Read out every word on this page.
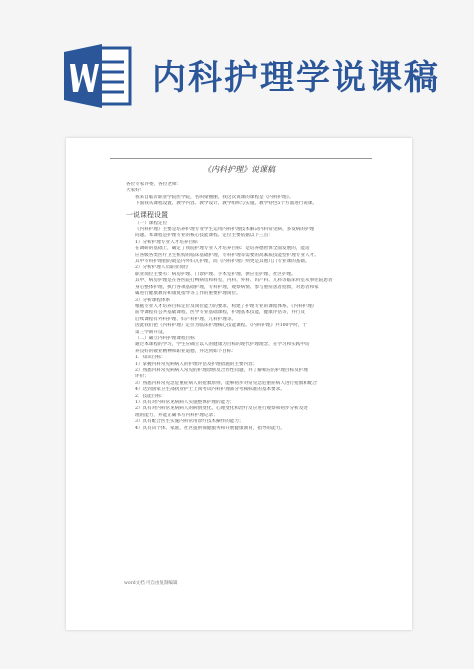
内科护理学说课稿
《内科护理》说课稿
各位专家评委、各位老师：
大家好！
我来自临沂职业学院医学院，名叫梁丽丽，我这次说课的课程是《内科护理》。
下面我从课程设置、教学内容、教学设计、教学组织与实施、教学特色5个方面进行说课。
一说课程设置
（一）课程定位
《内科护理》主要是培养护理专业学生运用内科护理技术解决内科常见病、多发病的护理
问题。本课程是护理专业的核心技能课程。定位主要依据以下三点：
1）分析护理专业人才培养目标
在调研的基础上，确定了我院护理专业人才培养目标：是培养德智体全面发展的，能适
应各级各类医疗卫生机构的临床基础护理，专科护理等需要的高素质技能型护理专业人才。
其中专科护理指的就是内外妇儿护理，而《内科护理》则更是其他几门专业课的基础。
2）分析护理人员职业岗位
职业岗位主要有：病房护理、门诊护理、手术室护理、供应室护理、社区护理。
其中，病房护理是在各医院打鸭病房和科室，内科、外科、妇产科、儿科等临床科室从事住院患者
身心整体护理，执行各项基础护理，专科护理，观察病情、参与重症患者抢救，对患者和家
属进行健康教育和康复指导等工作的重要护理岗位。
3）分析课程体系
根据专业人才培养目标定位及岗位能力的要求，构建了护理专业的课程体系。《内科护理》
前导课程有公共基础课程，医学专业基础课程，护理基本技能，健康评估等，并行及
后续课程有外科护理、妇产科护理、儿科护理等。
因此我们把《内科护理》定位为临床护理核心技能课程。《内科护理》共100学时，于
第三学期开设。
（二）确立内科护理课程目标
通过本课程的学习，学生应确立以人的健康为目标的现代护理理念，在学习和实践中培
养良好的敬业精神和职业道德，并达到如下目标：
1．知识目标：
1）掌握内科常见病病人的护理评估及护理措施的主要内容；
2）熟悉内科常见病病人常见的护理诊断及合作性问题，并了解相应的护理目标及护理
评价；
3）熟悉内科常见急危重症病人的抢救原则，能够初步对常见急危重症病人进行抢救和配合
4）达到国家卫生部执业护士上岗考试内科护理部分考核标准的基本要求。
2．技能目标：
1）具有对内科常见病病人实施整体护理的能力；
2）具有对内科常见病病人的病情变化、心理变化和治疗反应进行观察和初步分析及处
理的能力，并能正确书写内科护理记录；
3）具有配合医生实施内科常用诊疗技术操作的能力；
4）具有向个体、家庭、社区提供保健服务和开展健康教育，指导的能力。
word文档 可自由复制编辑
